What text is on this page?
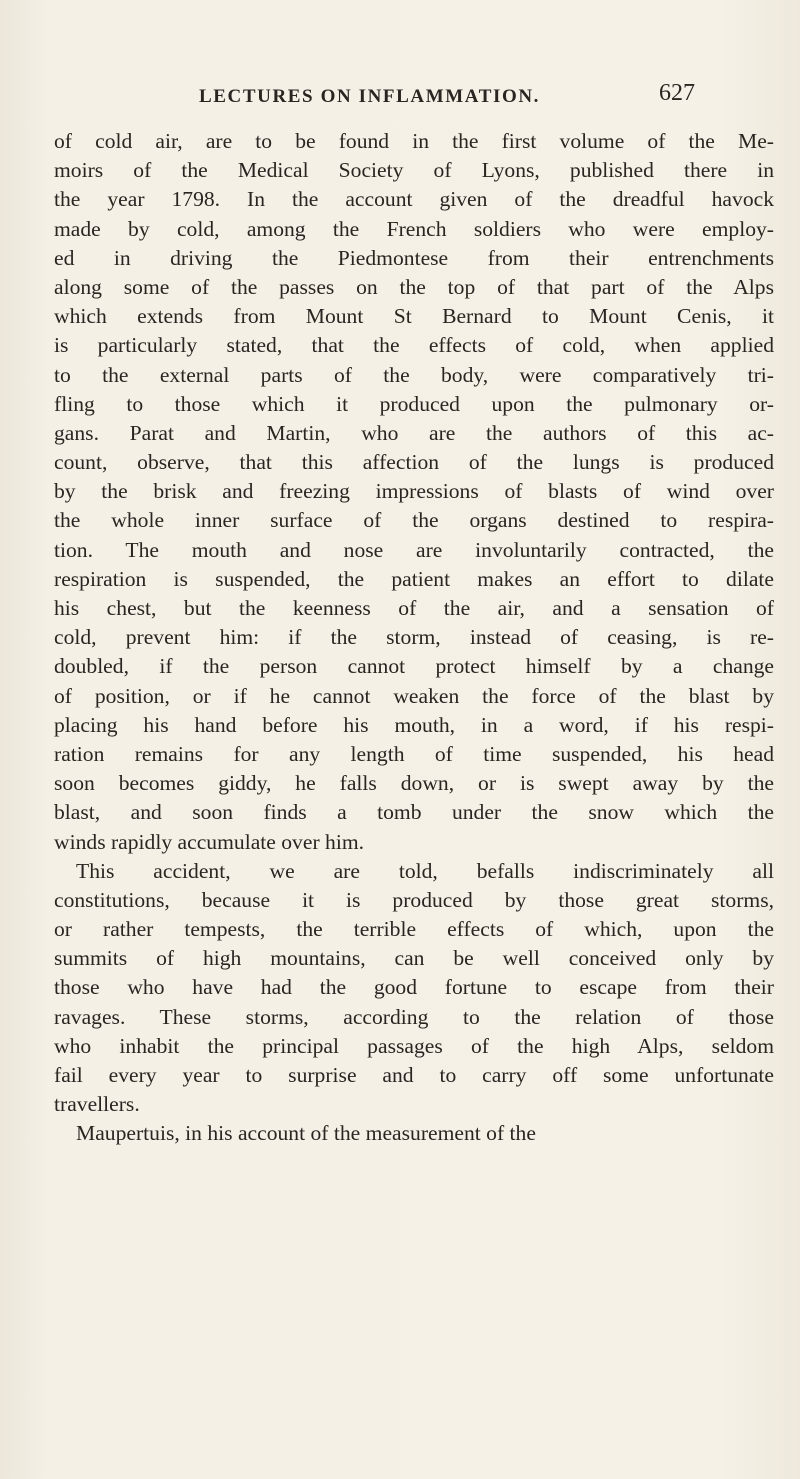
LECTURES ON INFLAMMATION.	627
of cold air, are to be found in the first volume of the Me-
moirs of the Medical Society of Lyons, published there in
the year 1798. In the account given of the dreadful havock
made by cold, among the French soldiers who were employ-
ed in driving the Piedmontese from their entrenchments
along some of the passes on the top of that part of the Alps
which extends from Mount St Bernard to Mount Cenis, it
is particularly stated, that the effects of cold, when applied
to the external parts of the body, were comparatively tri-
fling to those which it produced upon the pulmonary or-
gans. Parat and Martin, who are the authors of this ac-
count, observe, that this affection of the lungs is produced
by the brisk and freezing impressions of blasts of wind over
the whole inner surface of the organs destined to respira-
tion. The mouth and nose are involuntarily contracted, the
respiration is suspended, the patient makes an effort to dilate
his chest, but the keenness of the air, and a sensation of
cold, prevent him: if the storm, instead of ceasing, is re-
doubled, if the person cannot protect himself by a change
of position, or if he cannot weaken the force of the blast by
placing his hand before his mouth, in a word, if his respi-
ration remains for any length of time suspended, his head
soon becomes giddy, he falls down, or is swept away by the
blast, and soon finds a tomb under the snow which the
winds rapidly accumulate over him.
This accident, we are told, befalls indiscriminately all
constitutions, because it is produced by those great storms,
or rather tempests, the terrible effects of which, upon the
summits of high mountains, can be well conceived only by
those who have had the good fortune to escape from their
ravages. These storms, according to the relation of those
who inhabit the principal passages of the high Alps, seldom
fail every year to surprise and to carry off some unfortunate
travellers.
Maupertuis, in his account of the measurement of the
